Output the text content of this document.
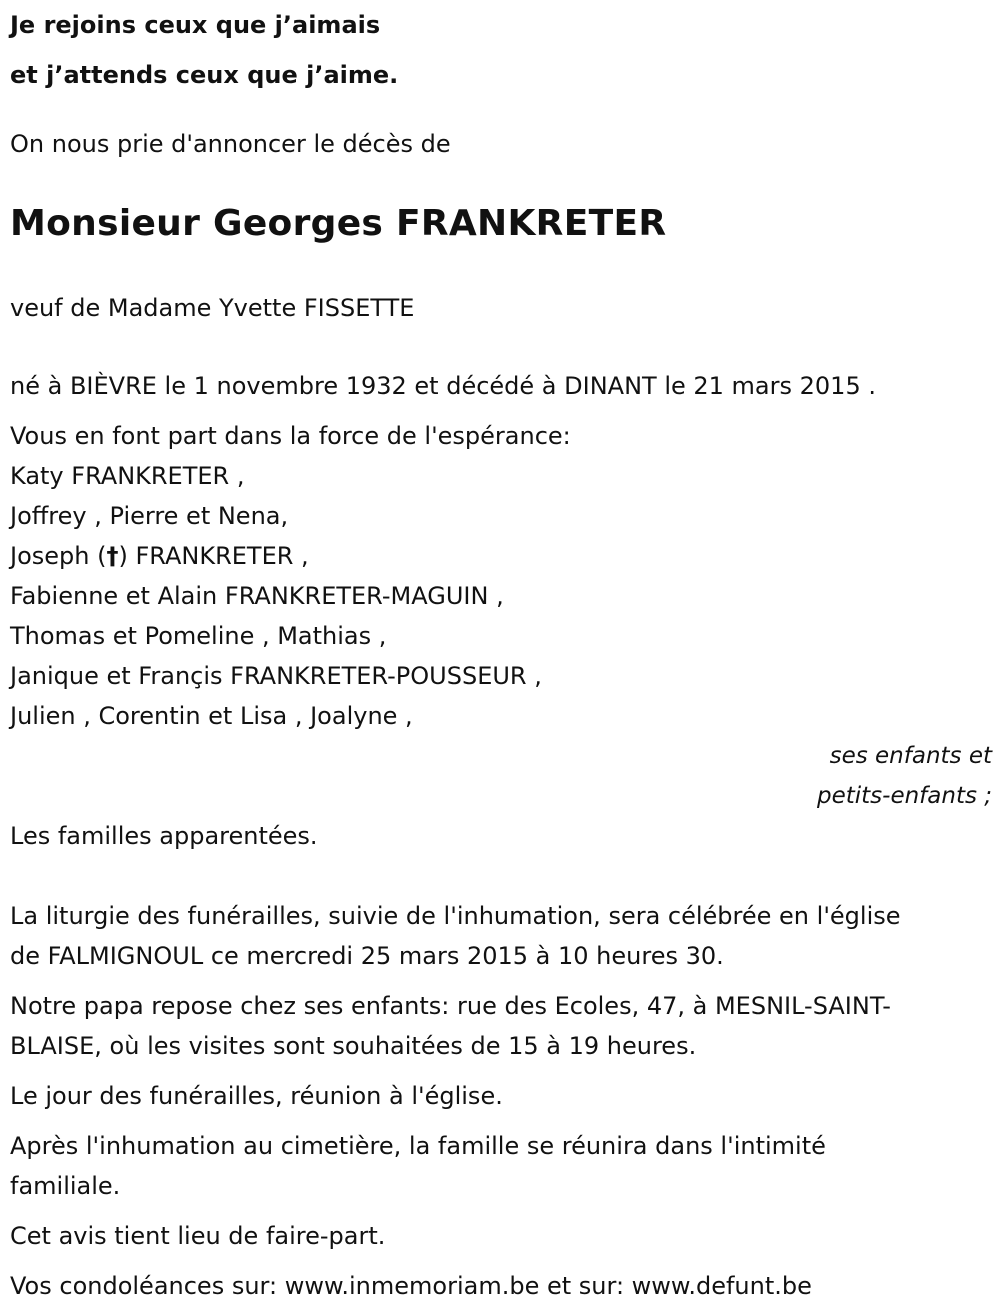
Je rejoins ceux que j’aimais
et j’attends ceux que j’aime.
On nous prie d'annoncer le décès de
Monsieur Georges FRANKRETER
veuf de Madame Yvette FISSETTE
né à BIÈVRE le 1 novembre 1932 et décédé à DINANT le 21 mars 2015 .
Vous en font part dans la force de l'espérance:
Katy FRANKRETER ,
Joffrey , Pierre et Nena,
Joseph (†) FRANKRETER ,
Fabienne et Alain FRANKRETER-MAGUIN ,
Thomas et Pomeline , Mathias ,
Janique et Françis FRANKRETER-POUSSEUR ,
Julien , Corentin et Lisa , Joalyne ,
ses enfants et
petits-enfants ;
Les familles apparentées.
La liturgie des funérailles, suivie de l'inhumation, sera célébrée en l'église
de FALMIGNOUL ce mercredi 25 mars 2015 à 10 heures 30.
Notre papa repose chez ses enfants: rue des Ecoles, 47, à MESNIL-SAINT-
BLAISE, où les visites sont souhaitées de 15 à 19 heures.
Le jour des funérailles, réunion à l'église.
Après l'inhumation au cimetière, la famille se réunira dans l'intimité
familiale.
Cet avis tient lieu de faire-part.
Vos condoléances sur: www.inmemoriam.be et sur: www.defunt.be
